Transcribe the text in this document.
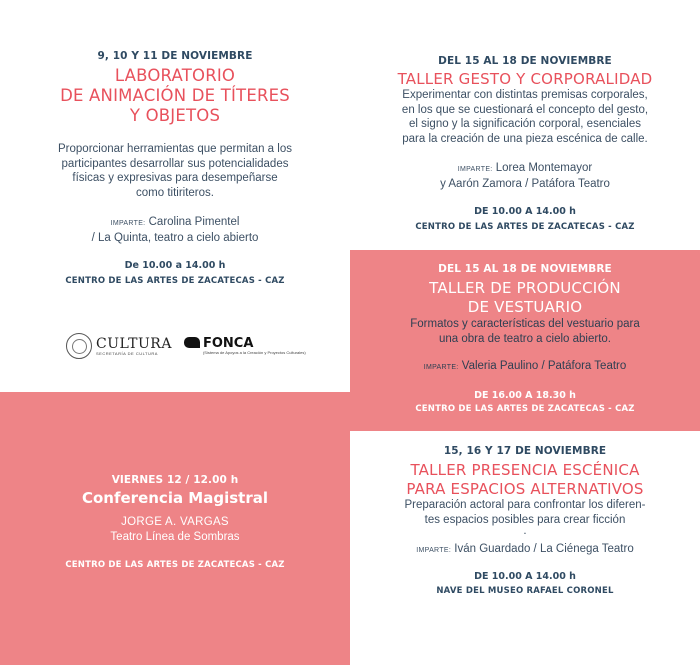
9, 10 Y 11 DE NOVIEMBRE
LABORATORIO
DE ANIMACIÓN DE TÍTERES
Y OBJETOS
Proporcionar herramientas que permitan a los
participantes desarrollar sus potencialidades
físicas y expresivas para desempeñarse
como titiriteros.
IMPARTE: Carolina Pimentel
/ La Quinta, teatro a cielo abierto
De 10.00 a 14.00 h
CENTRO DE LAS ARTES DE ZACATECAS - CAZ
CULTURA
SECRETARÍA DE CULTURA
FONCA
(Sistema de Apoyos a la Creación y Proyectos Culturales)
VIERNES 12 / 12.00 h
Conferencia Magistral
JORGE A. VARGAS
Teatro Línea de Sombras
CENTRO DE LAS ARTES DE ZACATECAS - CAZ
DEL 15 AL 18 DE NOVIEMBRE
TALLER GESTO Y CORPORALIDAD
Experimentar con distintas premisas corporales,
en los que se cuestionará el concepto del gesto,
el signo y la significación corporal, esenciales
para la creación de una pieza escénica de calle.
IMPARTE: Lorea Montemayor
y Aarón Zamora / Patáfora Teatro
DE 10.00 A 14.00 h
CENTRO DE LAS ARTES DE ZACATECAS - CAZ
DEL 15 AL 18 DE NOVIEMBRE
TALLER DE PRODUCCIÓN
DE VESTUARIO
Formatos y características del vestuario para
una obra de teatro a cielo abierto.
IMPARTE: Valeria Paulino / Patáfora Teatro
DE 16.00 A 18.30 h
CENTRO DE LAS ARTES DE ZACATECAS - CAZ
15, 16 Y 17 DE NOVIEMBRE
TALLER PRESENCIA ESCÉNICA
PARA ESPACIOS ALTERNATIVOS
Preparación actoral para confrontar los diferen-
tes espacios posibles para crear ficción
.
IMPARTE: Iván Guardado / La Ciénega Teatro
DE 10.00 A 14.00 h
NAVE DEL MUSEO RAFAEL CORONEL
